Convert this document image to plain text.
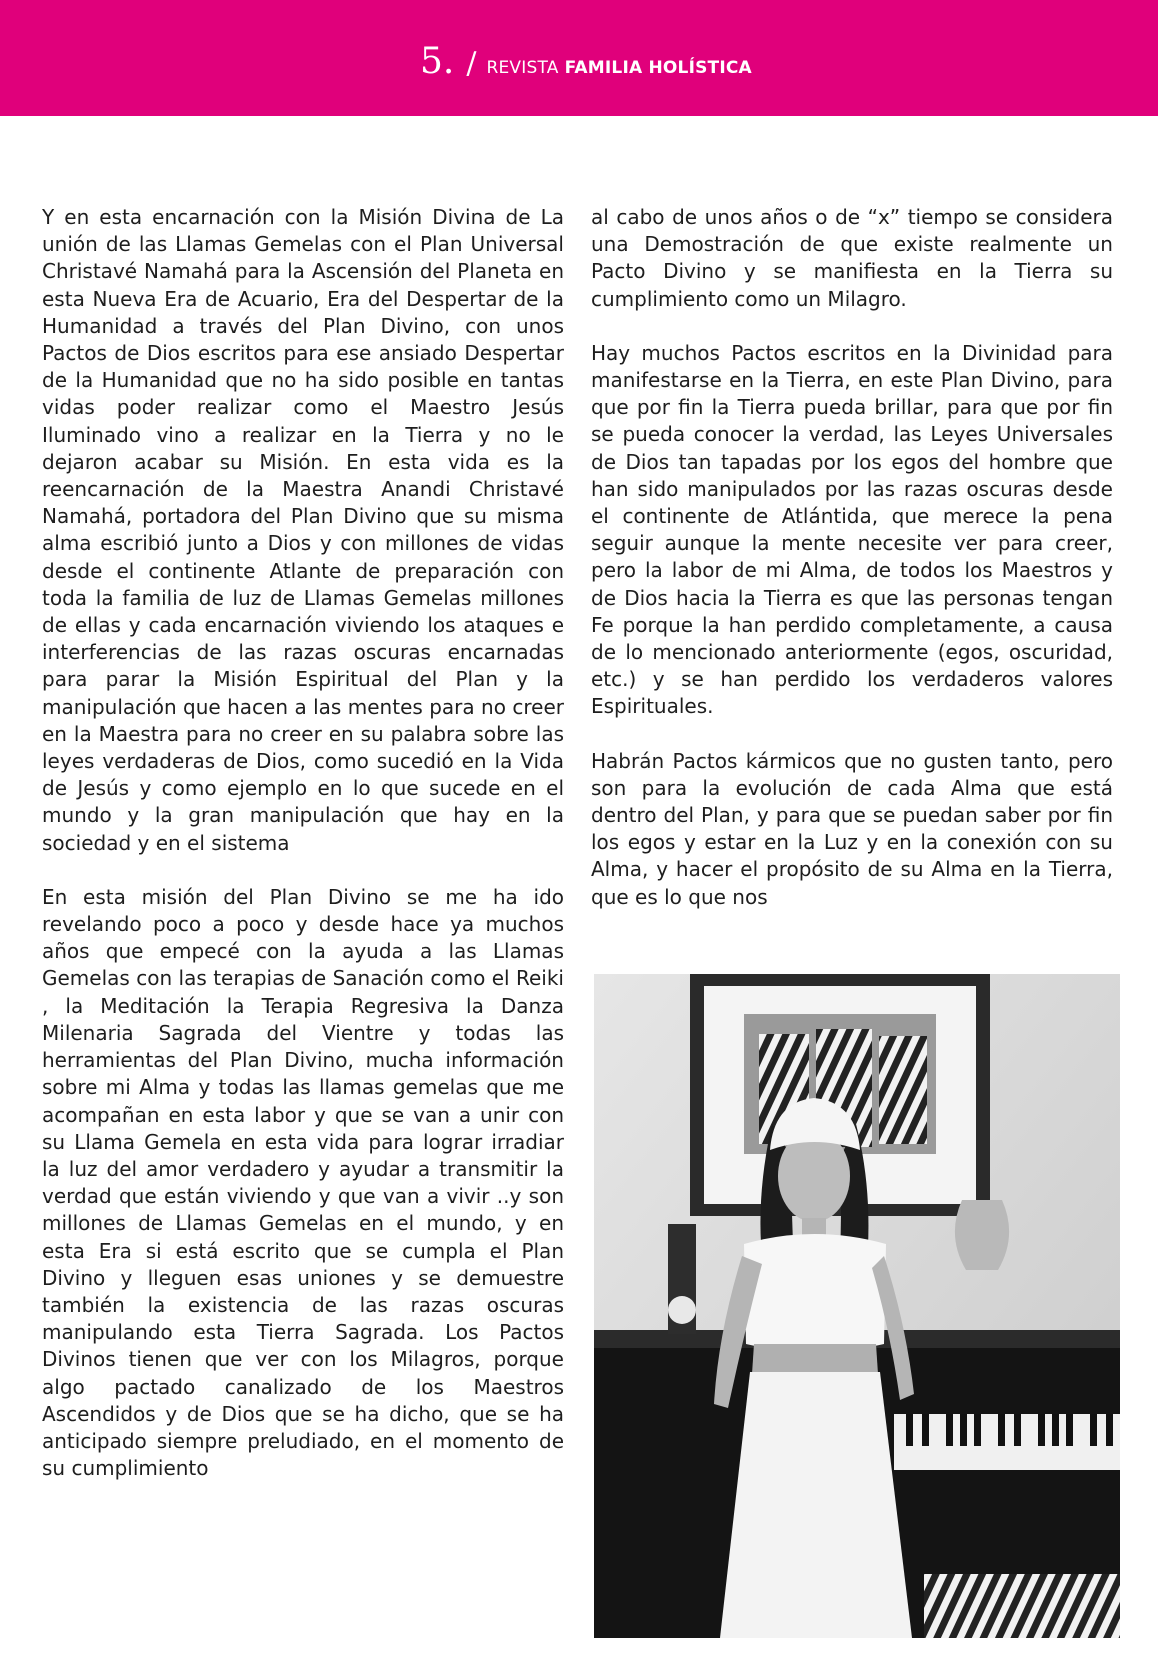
5. / REVISTA FAMILIA HOLÍSTICA

Y en esta encarnación con la Misión Divina de La unión de las Llamas Gemelas con el Plan Universal Christavé Namahá para la Ascensión del Planeta en esta Nueva Era de Acuario, Era del Despertar de la Humanidad a través del Plan Divino, con unos Pactos de Dios escritos para ese ansiado Despertar de la Humanidad que no ha sido posible en tantas vidas poder realizar como el Maestro Jesús Iluminado vino a realizar en la Tierra y no le dejaron acabar su Misión. En esta vida es la reencarnación de la Maestra Anandi Christavé Namahá, portadora del Plan Divino que su misma alma escribió junto a Dios y con millones de vidas desde el continente Atlante de preparación con toda la familia de luz de Llamas Gemelas millones de ellas y cada encarnación viviendo los ataques e interferencias de las razas oscuras encarnadas para parar la Misión Espiritual del Plan y la manipulación que hacen a las mentes para no creer en la Maestra para no creer en su palabra sobre las leyes verdaderas de Dios, como sucedió en la Vida de Jesús y como ejemplo en lo que sucede en el mundo y la gran manipulación que hay en la sociedad y en el sistema

En esta misión del Plan Divino se me ha ido revelando poco a poco y desde hace ya muchos años que empecé con la ayuda a las Llamas Gemelas con las terapias de Sanación como el Reiki , la Meditación la Terapia Regresiva la Danza Milenaria Sagrada del Vientre y todas las herramientas del Plan Divino, mucha información sobre mi Alma y todas las llamas gemelas que me acompañan en esta labor y que se van a unir con su Llama Gemela en esta vida para lograr irradiar la luz del amor verdadero y ayudar a transmitir la verdad que están viviendo y que van a vivir ..y son millones de Llamas Gemelas en el mundo, y en esta Era si está escrito que se cumpla el Plan Divino y lleguen esas uniones y se demuestre también la existencia de las razas oscuras manipulando esta Tierra Sagrada. Los Pactos Divinos tienen que ver con los Milagros, porque algo pactado canalizado de los Maestros Ascendidos y de Dios que se ha dicho, que se ha anticipado siempre preludiado, en el momento de su cumplimiento

al cabo de unos años o de “x” tiempo se considera una Demostración de que existe realmente un Pacto Divino y se manifiesta en la Tierra su cumplimiento como un Milagro.

Hay muchos Pactos escritos en la Divinidad para manifestarse en la Tierra, en este Plan Divino, para que por fin la Tierra pueda brillar, para que por fin se pueda conocer la verdad, las Leyes Universales de Dios tan tapadas por los egos del hombre que han sido manipulados por las razas oscuras desde el continente de Atlántida, que merece la pena seguir aunque la mente necesite ver para creer, pero la labor de mi Alma, de todos los Maestros y de Dios hacia la Tierra es que las personas tengan Fe porque la han perdido completamente, a causa de lo mencionado anteriormente (egos, oscuridad, etc.) y se han perdido los verdaderos valores Espirituales.

Habrán Pactos kármicos que no gusten tanto, pero son para la evolución de cada Alma que está dentro del Plan, y para que se puedan saber por fin los egos y estar en la Luz y en la conexión con su Alma, y hacer el propósito de su Alma en la Tierra, que es lo que nos
